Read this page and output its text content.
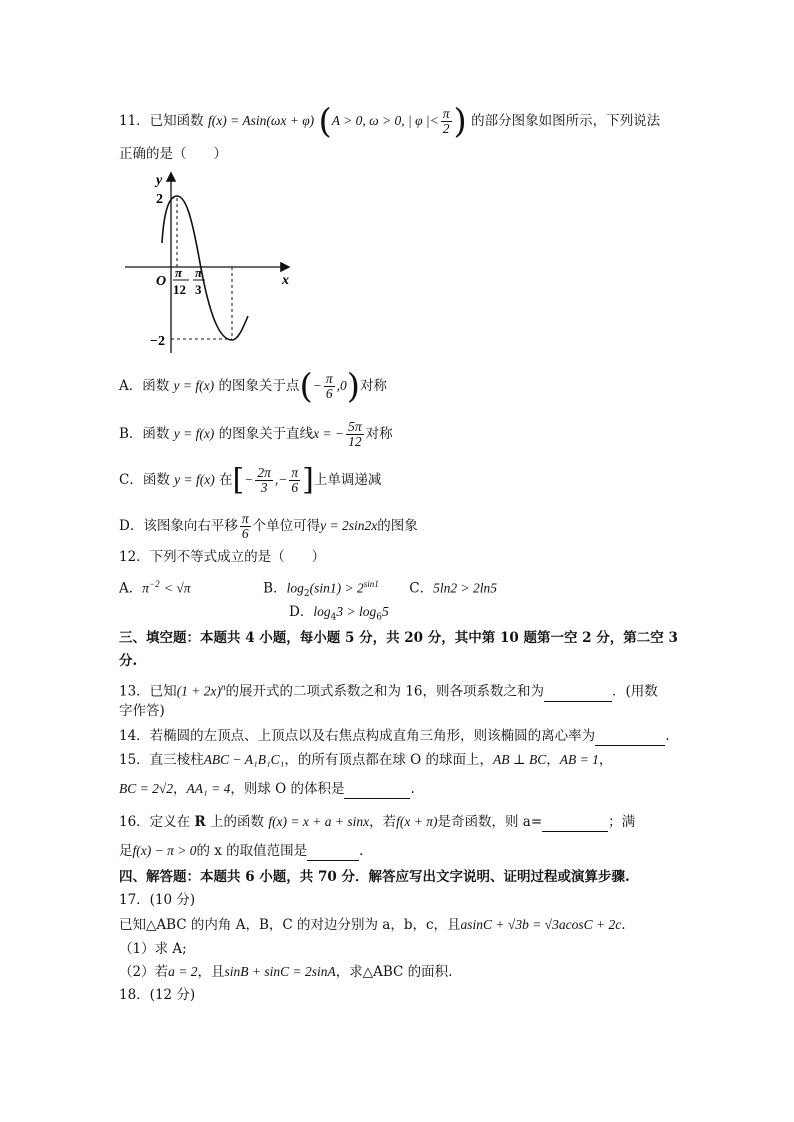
11．已知函数 f(x) = Asin(ωx + φ) (A > 0, ω > 0, | φ |< $\frac{\pi}{2}$ ) 的部分图象如图所示，下列说法
正确的是（　　）
y
x
O
2
−2
π
12
π
3
A．函数 y = f(x) 的图象关于点(− $\frac{\pi}{6} ,0$)对称
B．函数 y = f(x) 的图象关于直线x = − $\frac{5\pi}{12}$ 对称
C．函数 y = f(x) 在[− $\frac{2\pi}{3}$ ,− $\frac{\pi}{6}$ ]上单调递减
D．该图象向右平移 $\frac{\pi}{6}$ 个单位可得y = 2sin2x的图象
12．下列不等式成立的是（　　）
A．$\pi^{-2} < √\pi$	B．$\log_2(\sin 1) > 2^{sin1}$ C．5ln2 > 2ln5
D．$\log_43 > \log_65$
三、填空题：本题共 4 小题，每小题 5 分，共 20 分，其中第 10 题第一空 2 分，第二空 3
分.
13．已知$(1 + 2x)^n$的展开式的二项式系数之和为 16，则各项系数之和为	．(用数
字作答)
14．若椭圆的左顶点、上顶点以及右焦点构成直角三角形，则该椭圆的离心率为	.
15．直三棱柱ABC − A₁B₁C₁，的所有顶点都在球 O 的球面上，AB ⊥ BC，AB = 1，
BC = 2√2，AA₁ = 4，则球 O 的体积是	.
16．定义在 R 上的函数 f(x) = x + a + sinx，若f(x + π)是奇函数，则 a=	；满
足f(x) − π > 0的 x 的取值范围是	.
四、解答题：本题共 6 小题，共 70 分．解答应写出文字说明、证明过程或演算步骤.
17．(10 分)
已知△ABC 的内角 A，B，C 的对边分别为 a，b，c，且asinC + √3b = √3acosC + 2c.
（1）求 A;
（2）若a = 2，且sinB + sinC = 2sinA，求△ABC 的面积.
18．(12 分)
